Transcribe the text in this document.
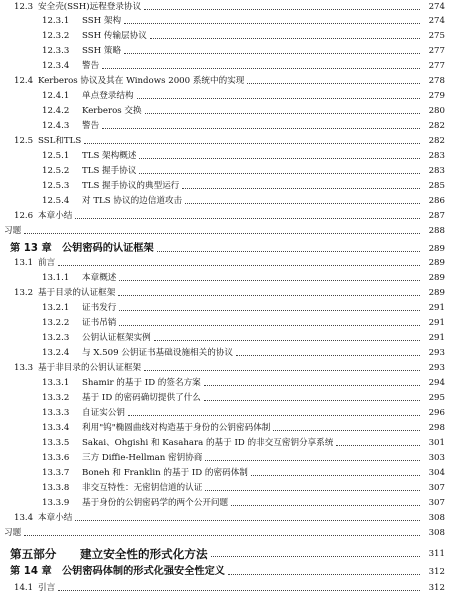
12.3 安全壳(SSH)远程登录协议	274
12.3.1	SSH 架构	274
12.3.2	SSH 传输层协议	275
12.3.3	SSH 策略	277
12.3.4	警告	277
12.4 Kerberos 协议及其在 Windows 2000 系统中的实现	278
12.4.1	单点登录结构	279
12.4.2	Kerberos 交换	280
12.4.3	警告	282
12.5 SSL和TLS	282
12.5.1	TLS 架构概述	283
12.5.2	TLS 握手协议	283
12.5.3	TLS 握手协议的典型运行	285
12.5.4	对 TLS 协议的边信道攻击	286
12.6 本章小结	287
习题	288
第 13 章	公钥密码的认证框架	289
13.1 前言	289
13.1.1	本章概述	289
13.2 基于目录的认证框架	289
13.2.1	证书发行	291
13.2.2	证书吊销	291
13.2.3	公钥认证框架实例	291
13.2.4	与 X.509 公钥证书基础设施相关的协议	293
13.3 基于非目录的公钥认证框架	293
13.3.1	Shamir 的基于 ID 的签名方案	294
13.3.2	基于 ID 的密码确切提供了什么	295
13.3.3	自证实公钥	296
13.3.4	利用"钨"椭圆曲线对构造基于身份的公钥密码体制	298
13.3.5	Sakai、Ohgishi 和 Kasahara 的基于 ID 的非交互密钥分享系统	301
13.3.6	三方 Diffie-Hellman 密钥协商	303
13.3.7	Boneh 和 Franklin 的基于 ID 的密码体制	304
13.3.8	非交互特性：无密钥信道的认证	307
13.3.9	基于身份的公钥密码学的两个公开问题	307
13.4 本章小结	308
习题	308
第五部分	建立安全性的形式化方法	311
第 14 章	公钥密码体制的形式化强安全性定义	312
14.1 引言	312
